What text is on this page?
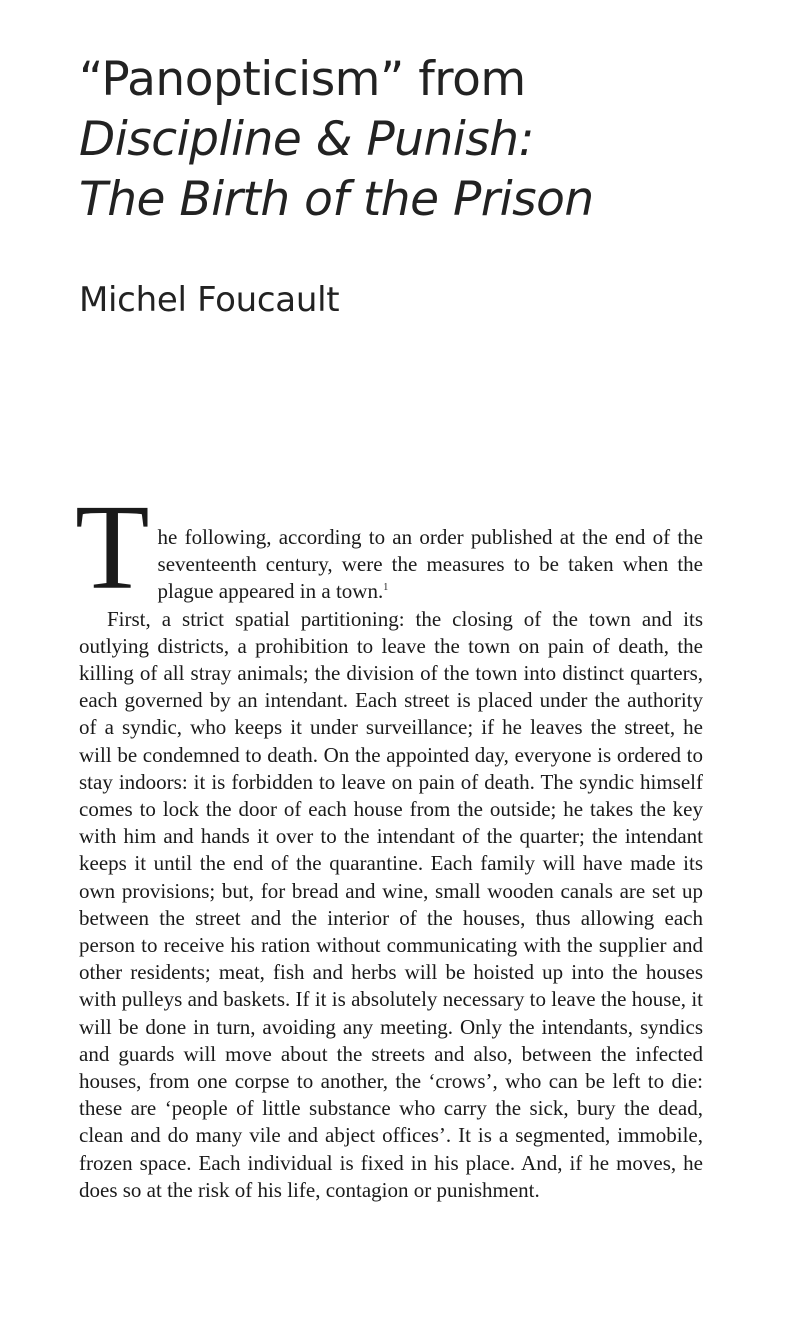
“Panopticism” from
Discipline & Punish:
The Birth of the Prison
Michel Foucault

T he following, according to an order published at the end of the seventeenth century, were the measures to be taken when the plague appeared in a town.$^1$

First, a strict spatial partitioning: the closing of the town and its outlying districts, a prohibition to leave the town on pain of death, the killing of all stray animals; the division of the town into distinct quarters, each governed by an intendant. Each street is placed under the authority of a syndic, who keeps it under surveillance; if he leaves the street, he will be condemned to death. On the appointed day, everyone is ordered to stay indoors: it is forbidden to leave on pain of death. The syndic himself comes to lock the door of each house from the outside; he takes the key with him and hands it over to the intendant of the quarter; the intendant keeps it until the end of the quarantine. Each family will have made its own provisions; but, for bread and wine, small wooden canals are set up between the street and the interior of the houses, thus allowing each person to receive his ration without communicating with the supplier and other residents; meat, fish and herbs will be hoisted up into the houses with pulleys and baskets. If it is absolutely necessary to leave the house, it will be done in turn, avoiding any meeting. Only the intendants, syndics and guards will move about the streets and also, between the infected houses, from one corpse to another, the ‘crows’, who can be left to die: these are ‘people of little substance who carry the sick, bury the dead, clean and do many vile and abject offices’. It is a segmented, immobile, frozen space. Each individual is fixed in his place. And, if he moves, he does so at the risk of his life, contagion or punishment.
